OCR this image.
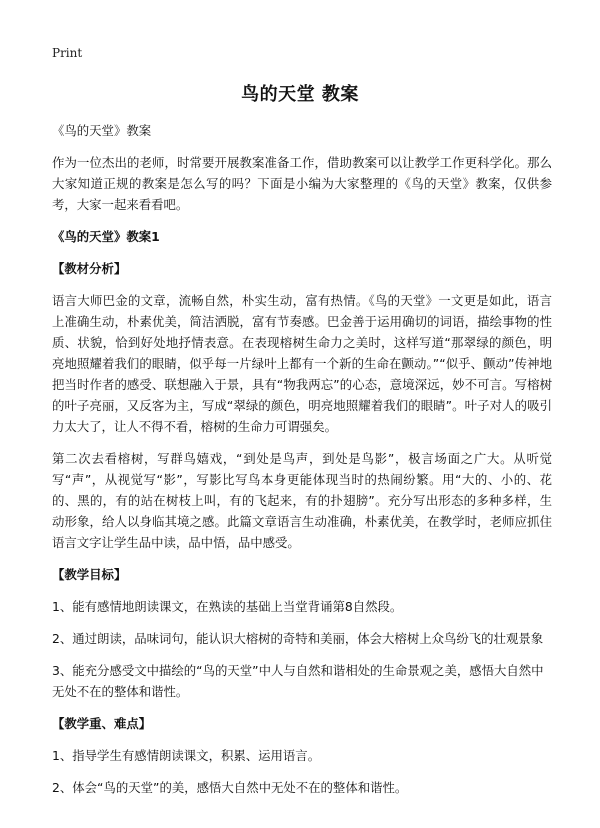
Print
鸟的天堂 教案

《鸟的天堂》教案

作为一位杰出的老师，时常要开展教案准备工作，借助教案可以让教学工作更科学化。那么大家知道正规的教案是怎么写的吗？下面是小编为大家整理的《鸟的天堂》教案，仅供参考，大家一起来看看吧。

《鸟的天堂》教案1

【教材分析】

语言大师巴金的文章，流畅自然，朴实生动，富有热情。《鸟的天堂》一文更是如此，语言上准确生动，朴素优美，简洁洒脱，富有节奏感。巴金善于运用确切的词语，描绘事物的性质、状貌，恰到好处地抒情表意。在表现榕树生命力之美时，这样写道“那翠绿的颜色，明亮地照耀着我们的眼睛，似乎每一片绿叶上都有一个新的生命在颤动。”“似乎、颤动”传神地把当时作者的感受、联想融入于景，具有“物我两忘”的心态，意境深远，妙不可言。写榕树的叶子亮丽，又反客为主，写成“翠绿的颜色，明亮地照耀着我们的眼睛”。叶子对人的吸引力太大了，让人不得不看，榕树的生命力可谓强矣。

第二次去看榕树，写群鸟嬉戏，“到处是鸟声，到处是鸟影”，极言场面之广大。从听觉写“声”，从视觉写“影”，写影比写鸟本身更能体现当时的热闹纷繁。用“大的、小的、花的、黑的，有的站在树枝上叫，有的飞起来，有的扑翅膀”。充分写出形态的多种多样，生动形象，给人以身临其境之感。此篇文章语言生动准确，朴素优美，在教学时，老师应抓住语言文字让学生品中读，品中悟，品中感受。

【教学目标】

1、能有感情地朗读课文，在熟读的基础上当堂背诵第8自然段。

2、通过朗读，品味词句，能认识大榕树的奇特和美丽，体会大榕树上众鸟纷飞的壮观景象

3、能充分感受文中描绘的“鸟的天堂”中人与自然和谐相处的生命景观之美，感悟大自然中无处不在的整体和谐性。

【教学重、难点】

1、指导学生有感情朗读课文，积累、运用语言。

2、体会“鸟的天堂”的美，感悟大自然中无处不在的整体和谐性。
